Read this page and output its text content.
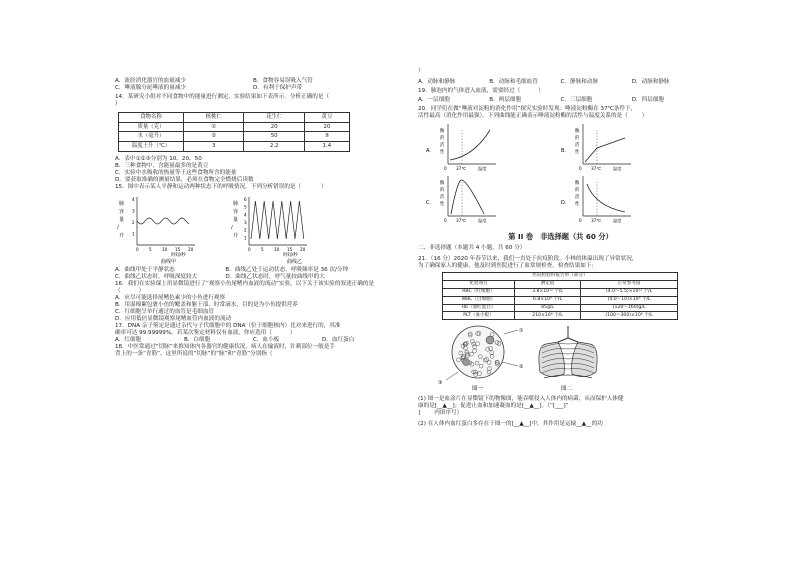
A．流经消化器官的血量减少	B．食物容易误吸入气管
C．唾液腺分泌唾液的量减少	D．有利于保护声带
14．某研究小组对不同食物中的能量进行测定，实验结果如下表所示。分析正确的是（
）
食物名称	核桃仁	花生仁	黄豆
质量（克）	①	20	20
水（毫升）	②	50	③
温度上升（℃）	3	2.2	1.4
A．表中①②③分别为 10、20、50
B．三种食物中，含能量最多的是黄豆
C．实验中水吸收的热量等于这些食物所含的能量
D．要获取准确的测量结果，必须在食物完全燃烧后读数
15．图中表示某人平静和运动两种状态下的呼吸情况，下列分析错误的是（	）
肺
容
量
/
升
4
3
2
1
0 5 10 15 20
时间/秒
曲线甲
肺
容
量
/
升
6
5
4
3
2
1
0 5 10 15 20
时间/秒
曲线乙
A．曲线甲处于平静状态	B．曲线乙处于运动状态，呼吸频率是 36 次/分钟
C．曲线乙状态时，呼吸深度较大	D．曲线乙状态时，呼气量较曲线甲的大
16．我们在实验课上用显微镜进行了“观察小鱼尾鳍内血液的流动”实验，以下关于该实验的叙述正确的是（	）
A．应尽可能选择尾鳍色素少的小鱼进行观察
B．用湿棉絮包裹小鱼的鳃盖和躯干部，时常滴水，目的是为小鱼提供营养
C．红细胞呈单行通过的血管是毛细血管
D．应用低倍显微镜观察尾鳍血管内血液的流动
17．DNA 亲子鉴定是通过亲代与子代细胞中的 DNA（位于细胞核内）比对来进行的，其准
确率可达 99.99999%。若某次鉴定材料仅有血液，你应选用（	）
A．红细胞	B．白细胞	C．血小板	D．血红蛋白
18．中医常通过“切脉”来推知体内各器官的健康状况。病人在输液时，针刺部位一般是手
背上的一条“青筋”。这里所说的“切脉”的“脉”和“青筋”分别指（
）
A．动脉和静脉	B．动脉和毛细血管	C．静脉和动脉	D．动脉和静脉
19．肺泡内的气体进入血液，需要经过（	）
A．一层细胞	B．两层细胞	C．三层细胞	D．四层细胞
20．同学们在做“唾液对淀粉的消化作用”探究实验时发现：唾液淀粉酶在 37℃条件下，
活性最高（消化作用最强）。下列曲线能正确表示唾液淀粉酶的活性与温度关系的是（	）
A．
酶
的
活
性
0 37℃	温度
B．
酶
的
活
性
0 37℃	温度
C．
酶
的
活
性
0 37℃	温度
D．
酶
的
活
性
0 37℃	温度
第 II 卷　非选择题（共 60 分）
二、非选择题（本题共 4 小题，共 60 分）
21．（16 分）2020 年春节以来，我们一直处于抗疫阶段，小林的体温出现了异常状况，
为了确保家人的健康，他及时到医院进行了血常规检查，检查结果如下：
医院检验科报告单（部分）		
化验项目	测定值	正常参考值
RBC（红细胞）	3.8×10¹² 个/L	(4.0～5.5)×10¹² 个/L
WBC（白细胞）	6.8×10⁹ 个/L	(4.0～10)×10⁹ 个/L
Hb（血红蛋白）	85g/L	(120～160)g/L
PLT（血小板）	210×10⁹ 个/L	(100～300)×10⁹ 个/L
①
②
③
图一	图二
(1) 图一是血涂片在显微镜下的物像图，能吞噬侵入人体内的病菌，从而保护人体健
康的是[__▲__]；促进止血和加速凝血的是[__▲__]。（“[___]”
]	内填序号）
(2) 在人体内血红蛋白多存在于图一的[__▲__]中，其作用是运输__▲__的功
